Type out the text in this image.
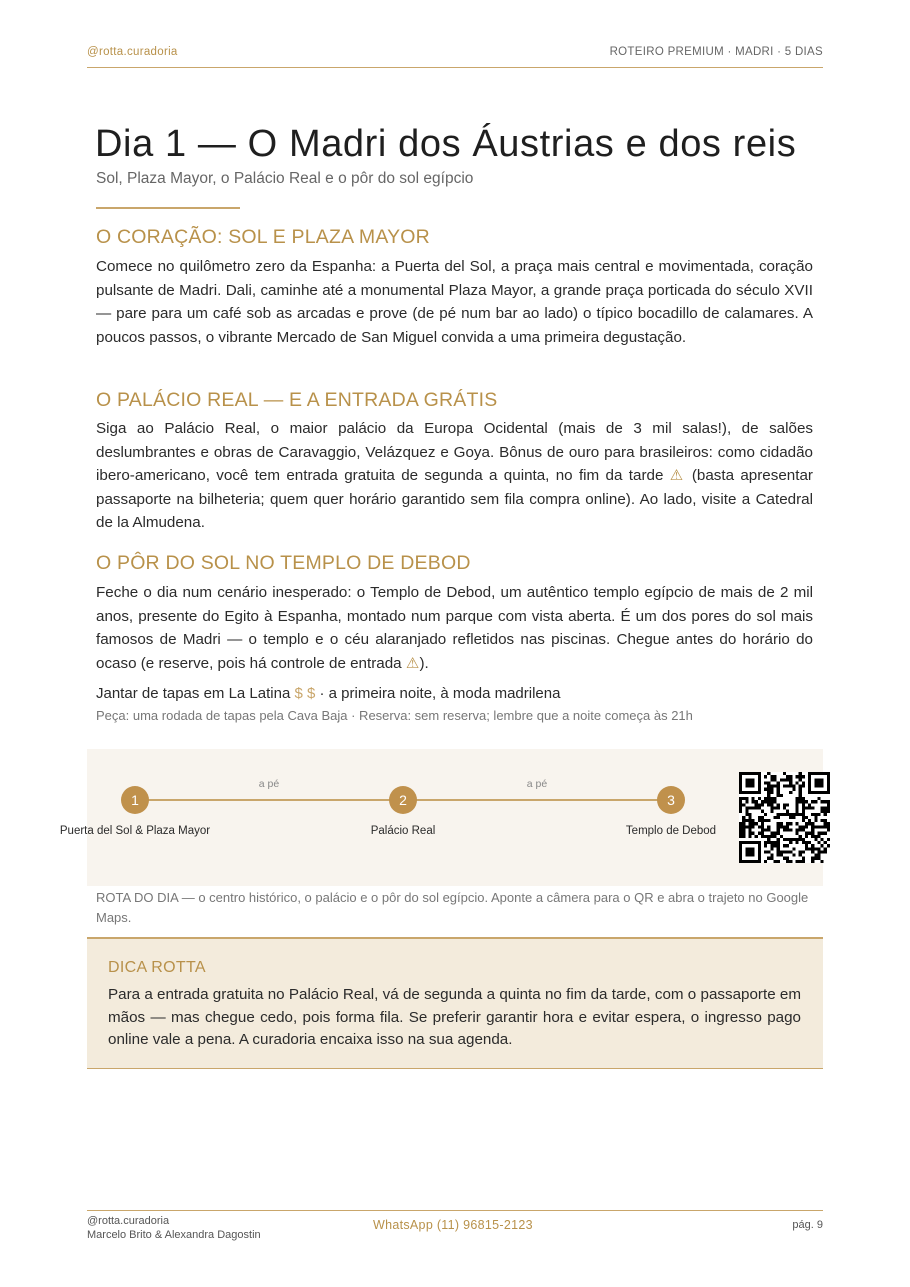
@rotta.curadoria	ROTEIRO PREMIUM · MADRI · 5 DIAS
Dia 1 — O Madri dos Áustrias e dos reis
Sol, Plaza Mayor, o Palácio Real e o pôr do sol egípcio
O CORAÇÃO: SOL E PLAZA MAYOR

Comece no quilômetro zero da Espanha: a Puerta del Sol, a praça mais central e movimentada, coração pulsante de Madri. Dali, caminhe até a monumental Plaza Mayor, a grande praça porticada do século XVII — pare para um café sob as arcadas e prove (de pé num bar ao lado) o típico bocadillo de calamares. A poucos passos, o vibrante Mercado de San Miguel convida a uma primeira degustação.

O PALÁCIO REAL — E A ENTRADA GRÁTIS

Siga ao Palácio Real, o maior palácio da Europa Ocidental (mais de 3 mil salas!), de salões deslumbrantes e obras de Caravaggio, Velázquez e Goya. Bônus de ouro para brasileiros: como cidadão ibero-americano, você tem entrada gratuita de segunda a quinta, no fim da tarde ⚠ (basta apresentar passaporte na bilheteria; quem quer horário garantido sem fila compra online). Ao lado, visite a Catedral de la Almudena.

O PÔR DO SOL NO TEMPLO DE DEBOD

Feche o dia num cenário inesperado: o Templo de Debod, um autêntico templo egípcio de mais de 2 mil anos, presente do Egito à Espanha, montado num parque com vista aberta. É um dos pores do sol mais famosos de Madri — o templo e o céu alaranjado refletidos nas piscinas. Chegue antes do horário do ocaso (e reserve, pois há controle de entrada ⚠).

Jantar de tapas em La Latina $ $ · a primeira noite, à moda madrilena
Peça: uma rodada de tapas pela Cava Baja · Reserva: sem reserva; lembre que a noite começa às 21h
a pé	a pé
1	2	3
Puerta del Sol & Plaza Mayor	Palácio Real	Templo de Debod
ROTA DO DIA — o centro histórico, o palácio e o pôr do sol egípcio. Aponte a câmera para o QR e abra o trajeto no Google Maps.
DICA ROTTA

Para a entrada gratuita no Palácio Real, vá de segunda a quinta no fim da tarde, com o passaporte em mãos — mas chegue cedo, pois forma fila. Se preferir garantir hora e evitar espera, o ingresso pago online vale a pena. A curadoria encaixa isso na sua agenda.

@rotta.curadoria
Marcelo Brito & Alexandra Dagostin
WhatsApp (11) 96815-2123	pág. 9
